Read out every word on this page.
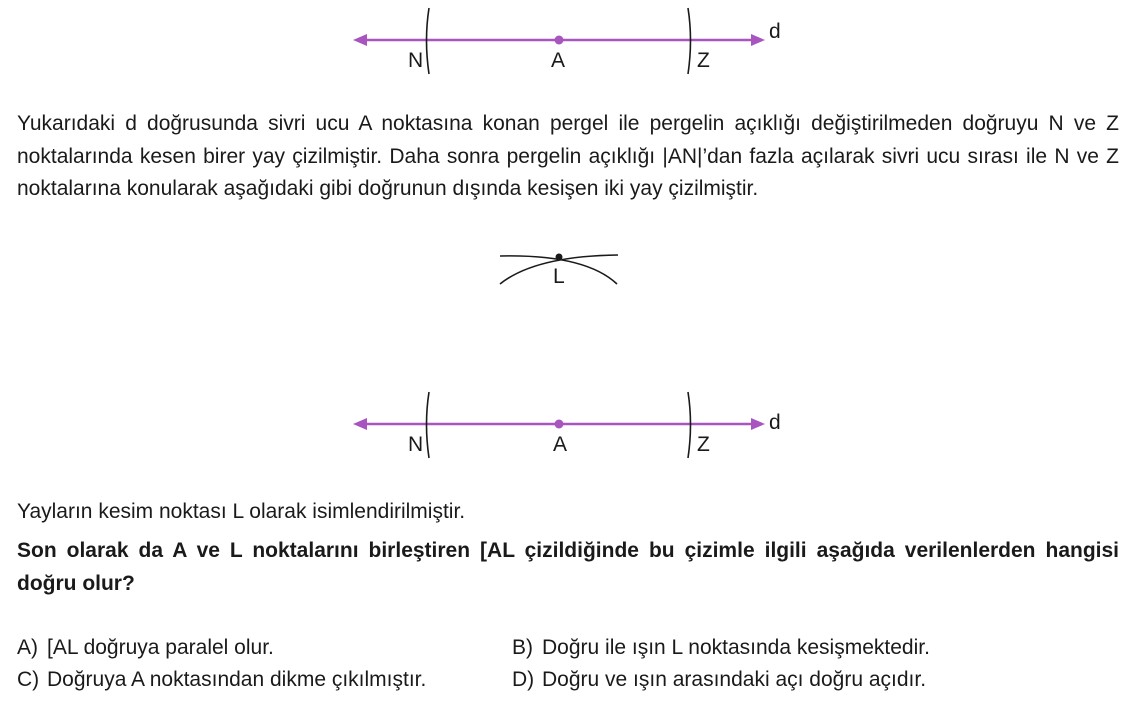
N	A	Z
d

Yukarıdaki d doğrusunda sivri ucu A noktasına konan pergel ile pergelin açıklığı değiştirilmeden doğruyu N ve Z noktalarında kesen birer yay çizilmiştir. Daha sonra pergelin açıklığı |AN|’dan fazla açılarak sivri ucu sırası ile N ve Z noktalarına konularak aşağıdaki gibi doğrunun dışında kesişen iki yay çizilmiştir.

L
N	A	Z
d

Yayların kesim noktası L olarak isimlendirilmiştir.

Son olarak da A ve L noktalarını birleştiren [AL çizildiğinde bu çizimle ilgili aşağıda verilenlerden hangisi doğru olur?

A) [AL doğruya paralel olur.	B) Doğru ile ışın L noktasında kesişmektedir.
C) Doğruya A noktasından dikme çıkılmıştır.	D) Doğru ve ışın arasındaki açı doğru açıdır.
